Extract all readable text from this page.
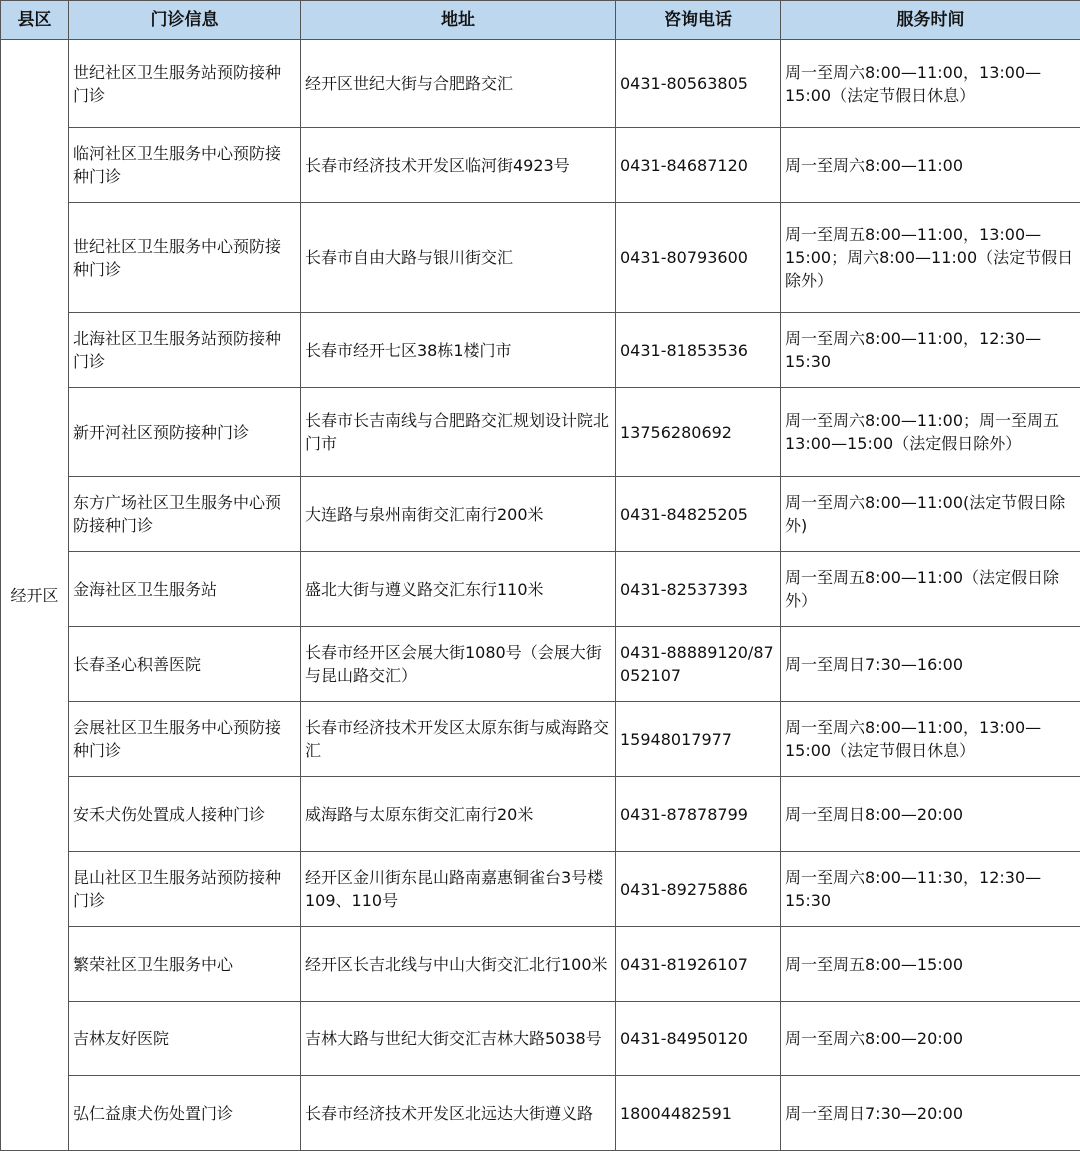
县区	门诊信息	地址	咨询电话	服务时间
经开区	世纪社区卫生服务站预防接种门诊	经开区世纪大街与合肥路交汇	0431-80563805	周一至周六8:00—11:00，13:00—15:00（法定节假日休息）
	临河社区卫生服务中心预防接种门诊	长春市经济技术开发区临河街4923号	0431-84687120	周一至周六8:00—11:00
	世纪社区卫生服务中心预防接种门诊	长春市自由大路与银川街交汇	0431-80793600	周一至周五8:00—11:00，13:00—15:00；周六8:00—11:00（法定节假日除外）
	北海社区卫生服务站预防接种门诊	长春市经开七区38栋1楼门市	0431-81853536	周一至周六8:00—11:00，12:30—15:30
	新开河社区预防接种门诊	长春市长吉南线与合肥路交汇规划设计院北门市	13756280692	周一至周六8:00—11:00；周一至周五13:00—15:00（法定假日除外）
	东方广场社区卫生服务中心预防接种门诊	大连路与泉州南街交汇南行200米	0431-84825205	周一至周六8:00—11:00(法定节假日除外)
	金海社区卫生服务站	盛北大街与遵义路交汇东行110米	0431-82537393	周一至周五8:00—11:00（法定假日除外）
	长春圣心积善医院	长春市经开区会展大街1080号（会展大街与昆山路交汇）	0431-88889120/87052107	周一至周日7:30—16:00
	会展社区卫生服务中心预防接种门诊	长春市经济技术开发区太原东街与威海路交汇	15948017977	周一至周六8:00—11:00，13:00—15:00（法定节假日休息）
	安禾犬伤处置成人接种门诊	威海路与太原东街交汇南行20米	0431-87878799	周一至周日8:00—20:00
	昆山社区卫生服务站预防接种门诊	经开区金川街东昆山路南嘉惠铜雀台3号楼109、110号	0431-89275886	周一至周六8:00—11:30，12:30—15:30
	繁荣社区卫生服务中心	经开区长吉北线与中山大街交汇北行100米	0431-81926107	周一至周五8:00—15:00
	吉林友好医院	吉林大路与世纪大街交汇吉林大路5038号	0431-84950120	周一至周六8:00—20:00
	弘仁益康犬伤处置门诊	长春市经济技术开发区北远达大街遵义路	18004482591	周一至周日7:30—20:00
